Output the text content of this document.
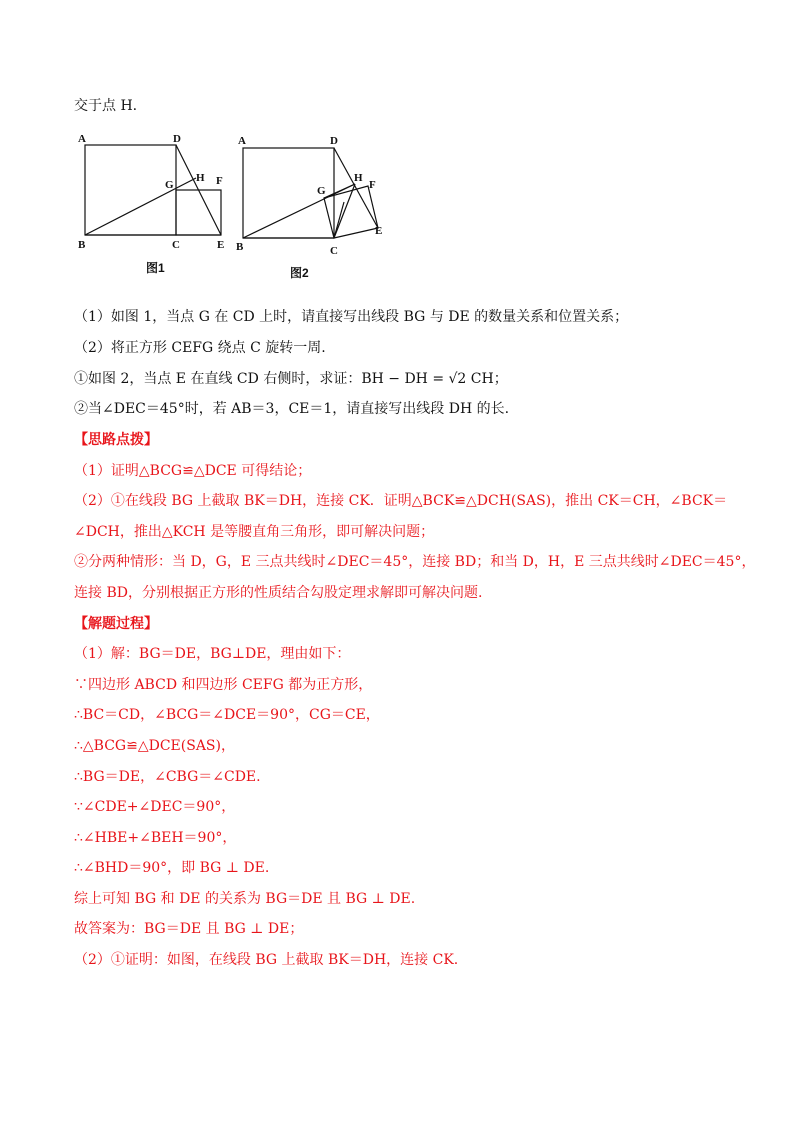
交于点 H.
A	D
G
H F
B	C	E
图1
A	D
G
H
F
B	C
E
图2
（1）如图 1，当点 G 在 CD 上时，请直接写出线段 BG 与 DE 的数量关系和位置关系；
（2）将正方形 CEFG 绕点 C 旋转一周.
①如图 2，当点 E 在直线 CD 右侧时，求证：BH − DH = √2 CH；
②当∠DEC＝45°时，若 AB＝3，CE＝1，请直接写出线段 DH 的长.
【思路点拨】
（1）证明△BCG≌△DCE 可得结论；
（2）①在线段 BG 上截取 BK＝DH，连接 CK．证明△BCK≌△DCH(SAS)，推出 CK＝CH，∠BCK＝
∠DCH，推出△KCH 是等腰直角三角形，即可解决问题；
②分两种情形：当 D，G，E 三点共线时∠DEC＝45°，连接 BD；和当 D，H，E 三点共线时∠DEC＝45°，
连接 BD，分别根据正方形的性质结合勾股定理求解即可解决问题.
【解题过程】
（1）解：BG＝DE，BG⊥DE，理由如下：
∵四边形 ABCD 和四边形 CEFG 都为正方形，
∴BC＝CD，∠BCG＝∠DCE＝90°，CG＝CE，
∴△BCG≌△DCE(SAS)，
∴BG＝DE，∠CBG＝∠CDE.
∵∠CDE+∠DEC＝90°，
∴∠HBE+∠BEH＝90°，
∴∠BHD＝90°，即 BG ⊥ DE.
综上可知 BG 和 DE 的关系为 BG＝DE 且 BG ⊥ DE.
故答案为：BG＝DE 且 BG ⊥ DE；
（2）①证明：如图，在线段 BG 上截取 BK＝DH，连接 CK.
